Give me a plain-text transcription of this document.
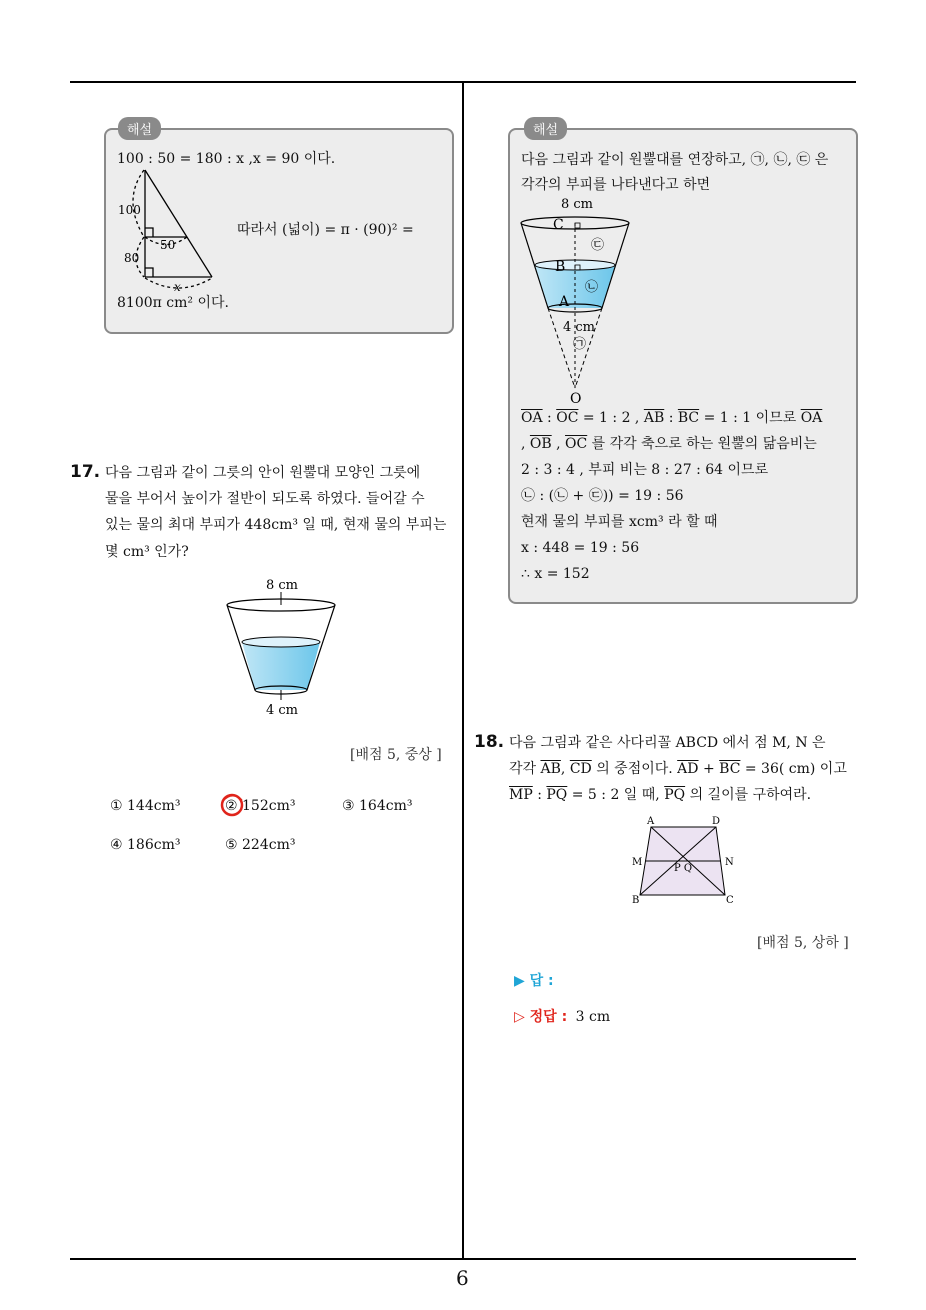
6
해설
100 : 50 = 180 : x ,x = 90 이다.
100
50
80
x
따라서 (넓이) = π · (90)² =
8100π cm² 이다.
17. 다음 그림과 같이 그릇의 안이 원뿔대 모양인 그릇에
물을 부어서 높이가 절반이 되도록 하였다. 들어갈 수
있는 물의 최대 부피가 448cm³ 일 때, 현재 물의 부피는
몇 cm³ 인가?
8 cm
4 cm
[배점 5, 중상 ]
① 144cm³	② 152cm³	③ 164cm³
④ 186cm³	⑤ 224cm³
해설
다음 그림과 같이 원뿔대를 연장하고, ㉠, ㉡, ㉢ 은
각각의 부피를 나타낸다고 하면
8 cm
C
B
A
㉢
㉡
4 cm
㉠
O
$\overline{OA}$ : $\overline{OC} = 1$ : 2 , $\overline{AB}$ : $\overline{BC} = 1$ : 1 이므로 $\overline{OA}$
, $\overline{OB}$ , $\overline{OC}$ 를 각각 축으로 하는 원뿔의 닮음비는
2 : 3 : 4 , 부피 비는 8 : 27 : 64 이므로
㉡ : (㉡ + ㉢)) = 19 : 56
현재 물의 부피를 xcm³ 라 할 때
x : 448 = 19 : 56
∴ x = 152
18. 다음 그림과 같은 사다리꼴 ABCD 에서 점 M, N 은
각각 $\overline{AB}$, $\overline{CD}$ 의 중점이다. $\overline{AD} + \overline{BC} = 36$( cm) 이고
$\overline{MP}$ : $\overline{PQ} = 5$ : 2 일 때, $\overline{PQ}$ 의 길이를 구하여라.
A	D
M	N
P Q
B	C
[배점 5, 상하 ]
▶ 답 :
▷ 정답 : 3 cm
